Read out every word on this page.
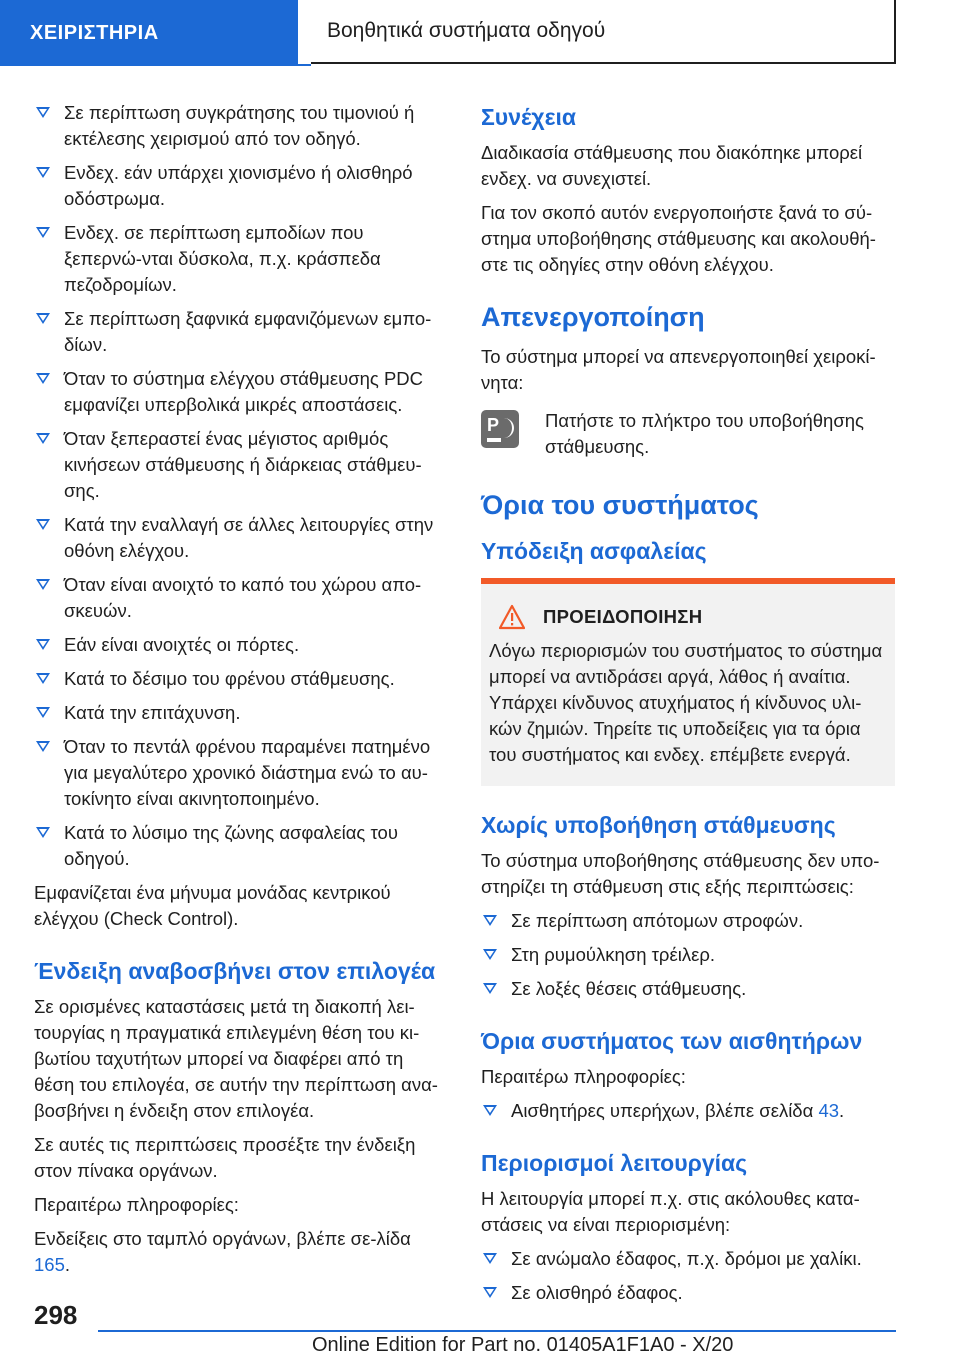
ΧΕΙΡΙΣΤΗΡΙΑ	Βοηθητικά συστήματα οδηγού
Σε περίπτωση συγκράτησης του τιμονιού ή εκτέλεσης χειρισμού από τον οδηγό.
Ενδεχ. εάν υπάρχει χιονισμένο ή ολισθηρό οδόστρωμα.
Ενδεχ. σε περίπτωση εμποδίων που ξεπερνώ‐νται δύσκολα, π.χ. κράσπεδα πεζοδρομίων.
Σε περίπτωση ξαφνικά εμφανιζόμενων εμπο‐δίων.
Όταν το σύστημα ελέγχου στάθμευσης PDC εμφανίζει υπερβολικά μικρές αποστάσεις.
Όταν ξεπεραστεί ένας μέγιστος αριθμός κινήσεων στάθμευσης ή διάρκειας στάθμευ‐σης.
Κατά την εναλλαγή σε άλλες λειτουργίες στην οθόνη ελέγχου.
Όταν είναι ανοιχτό το καπό του χώρου απο‐σκευών.
Εάν είναι ανοιχτές οι πόρτες.
Κατά το δέσιμο του φρένου στάθμευσης.
Κατά την επιτάχυνση.
Όταν το πεντάλ φρένου παραμένει πατημένο για μεγαλύτερο χρονικό διάστημα ενώ το αυ‐τοκίνητο είναι ακινητοποιημένο.
Κατά το λύσιμο της ζώνης ασφαλείας του οδηγού.

Εμφανίζεται ένα μήνυμα μονάδας κεντρικού ελέγχου (Check Control).

Ένδειξη αναβοσβήνει στον επιλογέα

Σε ορισμένες καταστάσεις μετά τη διακοπή λει‐τουργίας η πραγματικά επιλεγμένη θέση του κι‐βωτίου ταχυτήτων μπορεί να διαφέρει από τη θέση του επιλογέα, σε αυτήν την περίπτωση ανα‐βοσβήνει η ένδειξη στον επιλογέα.

Σε αυτές τις περιπτώσεις προσέξτε την ένδειξη στον πίνακα οργάνων.

Περαιτέρω πληροφορίες:

Ενδείξεις στο ταμπλό οργάνων, βλέπε σε‐λίδα 165.

Συνέχεια

Διαδικασία στάθμευσης που διακόπηκε μπορεί ενδεχ. να συνεχιστεί.

Για τον σκοπό αυτόν ενεργοποιήστε ξανά το σύ‐στημα υποβοήθησης στάθμευσης και ακολουθή‐στε τις οδηγίες στην οθόνη ελέγχου.

Απενεργοποίηση

Το σύστημα μπορεί να απενεργοποιηθεί χειροκί‐νητα:

P Πατήστε το πλήκτρο του υποβοήθησης στάθμευσης.

Όρια του συστήματος
Υπόδειξη ασφαλείας
ΠΡΟΕΙΔΟΠΟΙΗΣΗ
Λόγω περιορισμών του συστήματος το σύστημα μπορεί να αντιδράσει αργά, λάθος ή αναίτια. Υπάρχει κίνδυνος ατυχήματος ή κίνδυνος υλι‐κών ζημιών. Τηρείτε τις υποδείξεις για τα όρια του συστήματος και ενδεχ. επέμβετε ενεργά.
Χωρίς υποβοήθηση στάθμευσης

Το σύστημα υποβοήθησης στάθμευσης δεν υπο‐στηρίζει τη στάθμευση στις εξής περιπτώσεις:

Σε περίπτωση απότομων στροφών.
Στη ρυμούλκηση τρέιλερ.
Σε λοξές θέσεις στάθμευσης.
Όρια συστήματος των αισθητήρων

Περαιτέρω πληροφορίες:

Αισθητήρες υπερήχων, βλέπε σελίδα 43.
Περιορισμοί λειτουργίας

Η λειτουργία μπορεί π.χ. στις ακόλουθες κατα‐στάσεις να είναι περιορισμένη:

Σε ανώμαλο έδαφος, π.χ. δρόμοι με χαλίκι.
Σε ολισθηρό έδαφος.
298
Online Edition for Part no. 01405A1F1A0 - X/20
